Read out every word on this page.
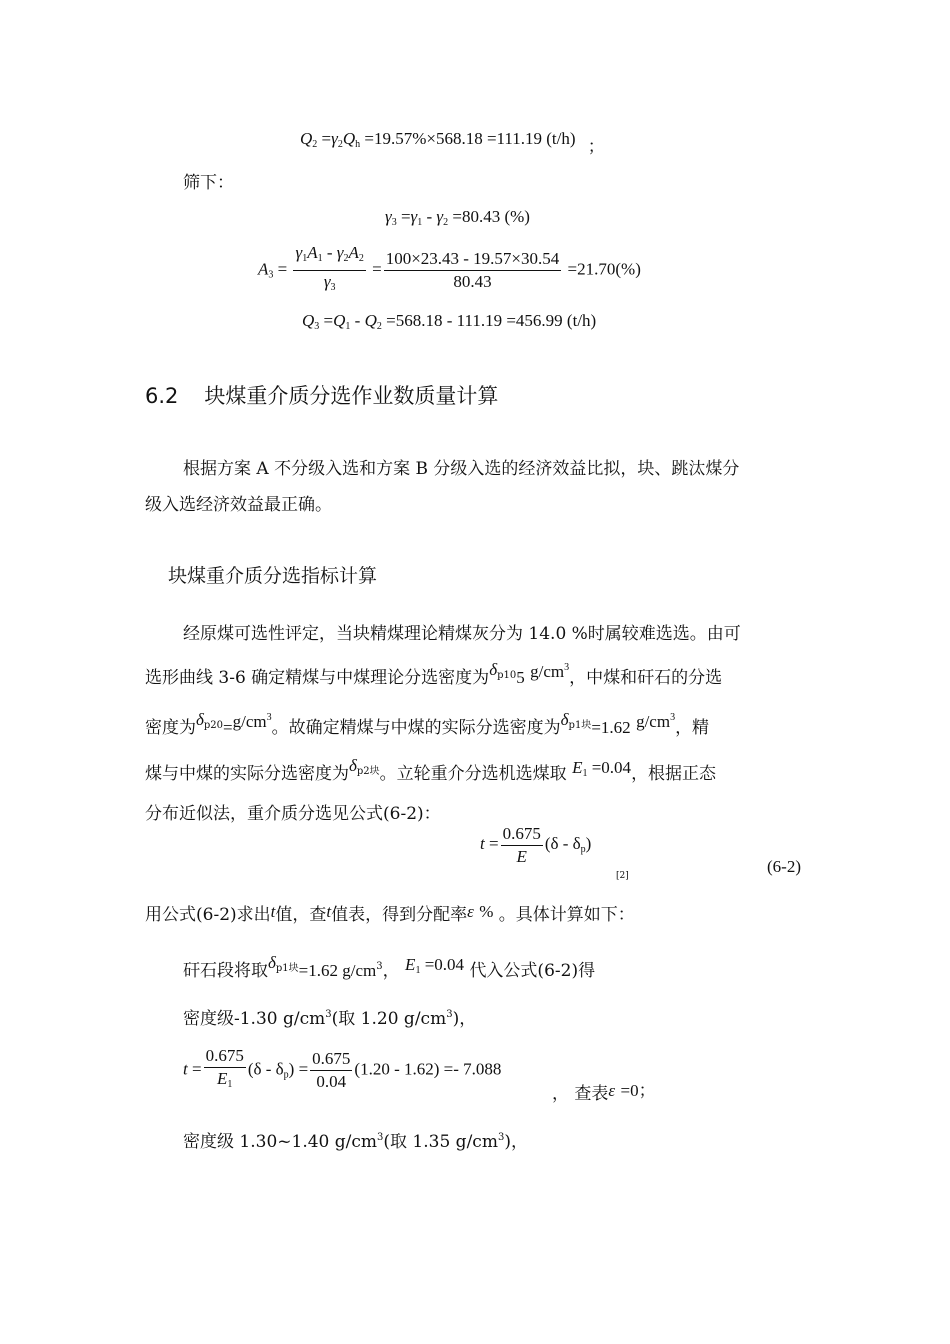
$Q_2 =\gamma_2Q_h =19.57\%\times 568.18 =111.19$ (t/h) ；
筛下：
$\gamma_3 =\gamma_1 - \gamma_2 =80.43$ (%)
$A_3 = \frac{\gamma_1A_1 - \gamma_2A_2}{\gamma_3} = \frac{100\times 23.43 - 19.57\times 30.54}{80.43} =21.70(\%)$
$Q_3 =Q_1 - Q_2 =568.18 - 111.19 =456.99$ (t/h)
6.2 块煤重介质分选作业数质量计算
根据方案 A 不分级入选和方案 B 分级入选的经济效益比拟，块、跳汰煤分
级入选经济效益最正确。
块煤重介质分选指标计算
经原煤可选性评定，当块精煤理论精煤灰分为 14.0 %时属较难选选。由可
选形曲线 3-6 确定精煤与中煤理论分选密度为$\delta^{p10}5$ $g/cm^3$，中煤和矸石的分选
密度为$\delta^{p20}=g/cm^3$。故确定精煤与中煤的实际分选密度为$\delta^{p1块}=1.62$ $g/cm^3$，精
煤与中煤的实际分选密度为$\delta^{p2块}$。立轮重介分选机选煤取 $E_1 =0.04$，根据正态
分布近似法，重介质分选见公式(6-2)：
$t = \frac{0.675}{E} (\delta - \delta_p)$
$_{[2]}$	(6-2)
用公式(6-2)求出t值，查t值表，得到分配率ε % 。具体计算如下：
矸石段将取$\delta^{p1块}=1.62$ $g/cm^3$， $E_1 =0.04$ 代入公式(6-2)得
密度级-1.30 $g/cm^3$(取 1.20 $g/cm^3$)，
$t = \frac{0.675}{E_1} (\delta - \delta_p) = \frac{0.675}{0.04} (1.20 - 1.62) =- 7.088$
， 查表ε =0；
密度级 1.30~1.40 $g/cm^3$(取 1.35 $g/cm^3$)，
